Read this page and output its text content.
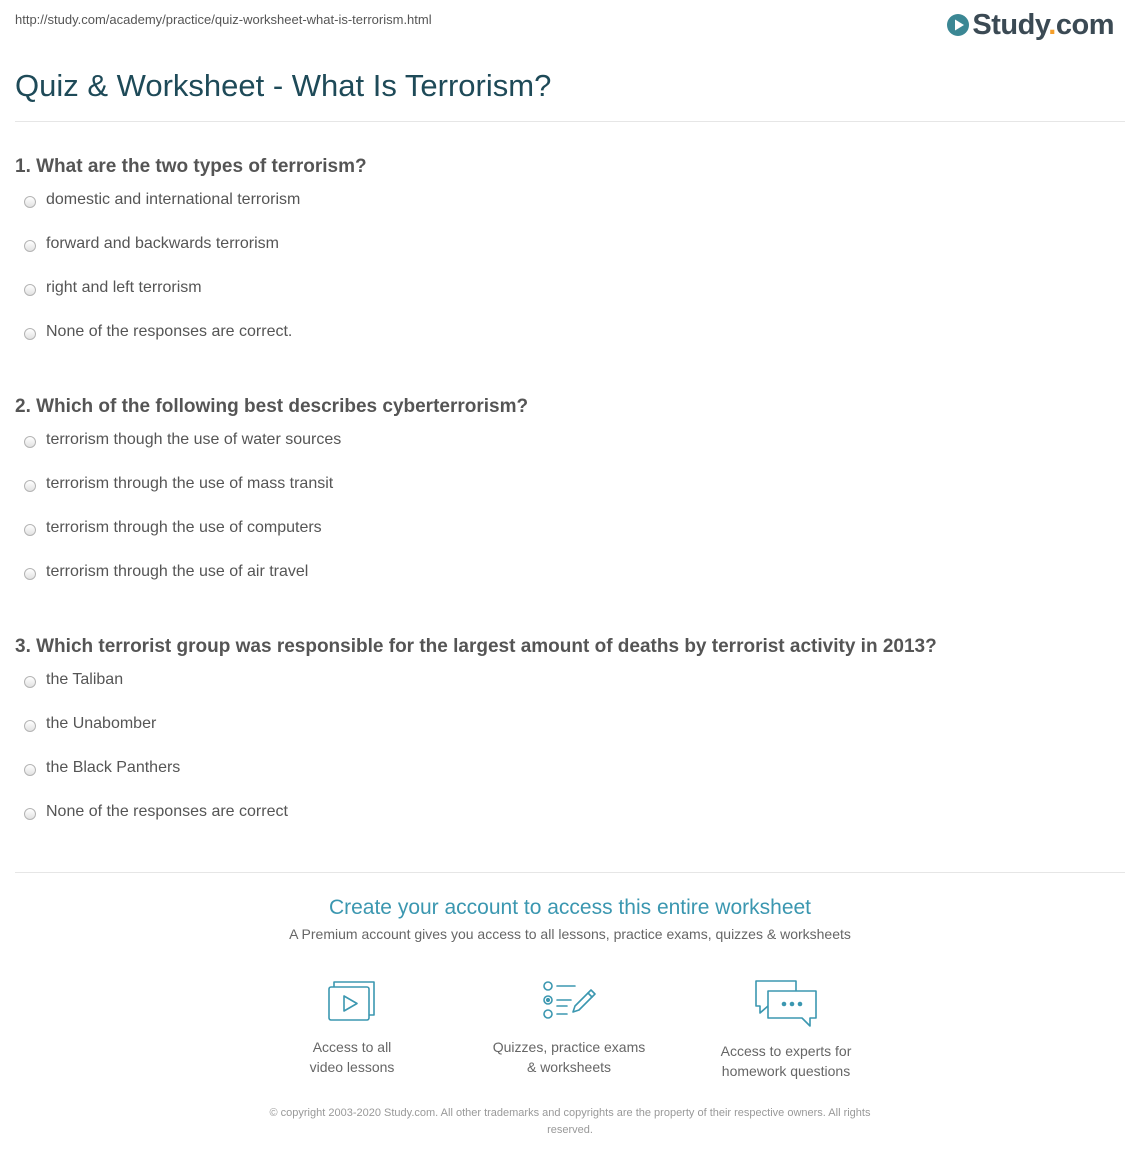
http://study.com/academy/practice/quiz-worksheet-what-is-terrorism.html	Study.com
Quiz & Worksheet - What Is Terrorism?
1. What are the two types of terrorism?
domestic and international terrorism
forward and backwards terrorism
right and left terrorism
None of the responses are correct.
2. Which of the following best describes cyberterrorism?
terrorism though the use of water sources
terrorism through the use of mass transit
terrorism through the use of computers
terrorism through the use of air travel
3. Which terrorist group was responsible for the largest amount of deaths by terrorist activity in 2013?
the Taliban
the Unabomber
the Black Panthers
None of the responses are correct
Create your account to access this entire worksheet
A Premium account gives you access to all lessons, practice exams, quizzes & worksheets
Access to all
video lessons
Quizzes, practice exams
& worksheets
Access to experts for
homework questions
© copyright 2003-2020 Study.com. All other trademarks and copyrights are the property of their respective owners. All rights
reserved.
